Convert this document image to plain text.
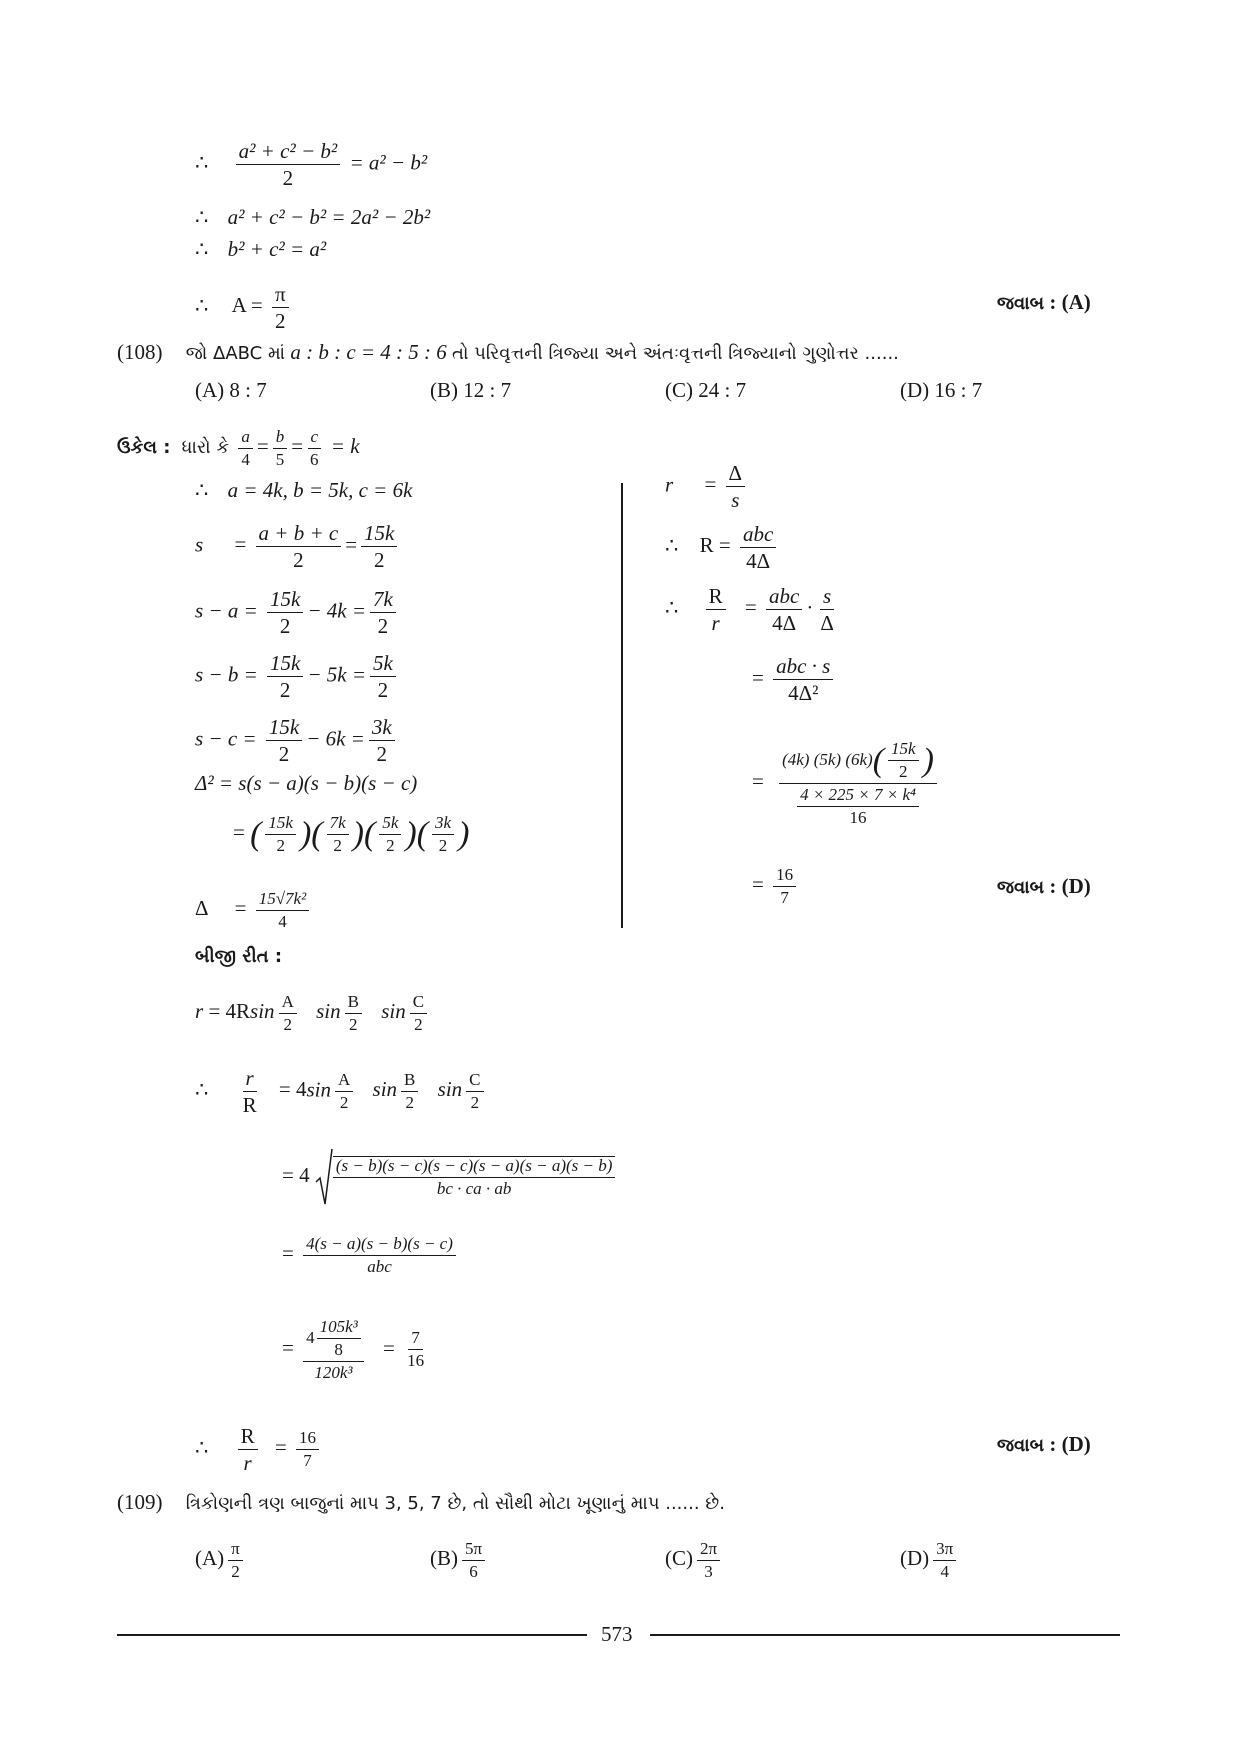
∴ $\frac{\text{a² + c² − b²}}{2} = a^2 - b^2$
∴ a² + c² − b² = 2a² − 2b²
∴ b² + c² = a²
∴ $A = \frac{\pi}{2}$	જવાબ : (A)
(108) જો ΔABC માં a : b : c = 4 : 5 : 6 તો પરિવૃત્તની ત્રિજ્યા અને અંતઃવૃત્તની ત્રિજ્યાનો ગુણોત્તર ......
(A) 8 : 7	(B) 12 : 7	(C) 24 : 7	(D) 16 : 7
ઉકેલ : ધારો કે $\frac{a}{4} = \frac{b}{5} = \frac{c}{6} = k$
∴ a = 4k, b = 5k, c = 6k
$s = \frac{a + b + c}{2} = \frac{15k}{2}$
$s - a = \frac{15k}{2} - 4k = \frac{7k}{2}$
$s - b = \frac{15k}{2} - 5k = \frac{5k}{2}$
$s - c = \frac{15k}{2} - 6k = \frac{3k}{2}$
Δ² = s(s − a)(s − b)(s − c)
= ( $\frac{15k}{2}$ )( $\frac{7k}{2}$ )( $\frac{5k}{2}$ )( $\frac{3k}{2}$ )
$\Delta = \frac{\text{15√7k²}}{4}$
$r = \frac{\Delta}{s}$
∴ $R = \frac{\text{abc}}{4\Delta}$
∴ $\frac{R}{r} = \frac{\text{abc}}{4\Delta} \cdot \frac{s}{\Delta}$
= $\frac{\text{abc · s}}{\text{4Δ²}}$
= $\frac{(4k) (5k) (6k) ( \frac{15k}{2} )}{\frac{\text{4 × 225 × 7 × k⁴}}{16}}$
= $\frac{16}{7}$	જવાબ : (D)
બીજી રીત :
$r = 4Rsin \frac{A}{2}$ $\sin \frac{B}{2}$ $\sin \frac{C}{2}$
∴ $\frac{r}{R} = 4\sin \frac{A}{2}$ $\sin \frac{B}{2}$ $\sin \frac{C}{2}$
= $4 \frac{(s - b)(s - c)(s - c)(s - a)(s - a)(s - b)}{bc \cdot ca \cdot ab}$
= $\frac{4(s - a)(s - b)(s - c)}{\text{abc}}$
= $\frac{4 \frac{\text{105k³}}{8}}{\text{120k³}} = \frac{7}{16}$
∴ $\frac{R}{r} = \frac{16}{7}$	જવાબ : (D)
(109) ત્રિકોણની ત્રણ બાજુનાં માપ 3, 5, 7 છે, તો સૌથી મોટા ખૂણાનું માપ ...... છે.
$(A) \frac{\pi}{2}$	$(B) \frac{5\pi}{6}$	$(C) \frac{2\pi}{3}$	$(D) \frac{3\pi}{4}$
573
